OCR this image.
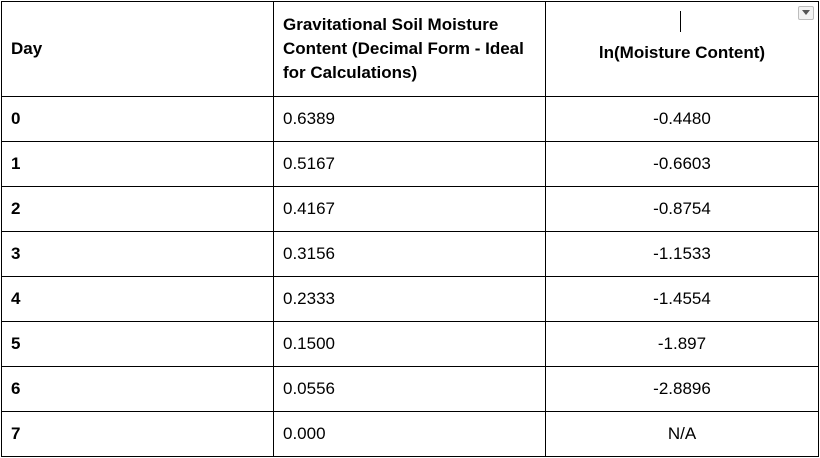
Day	Gravitational Soil Moisture Content (Decimal Form - Ideal for Calculations)	ln(Moisture Content)

0	0.6389	-0.4480
1	0.5167	-0.6603
2	0.4167	-0.8754
3	0.3156	-1.1533
4	0.2333	-1.4554
5	0.1500	-1.897
6	0.0556	-2.8896
7	0.000	N/A
